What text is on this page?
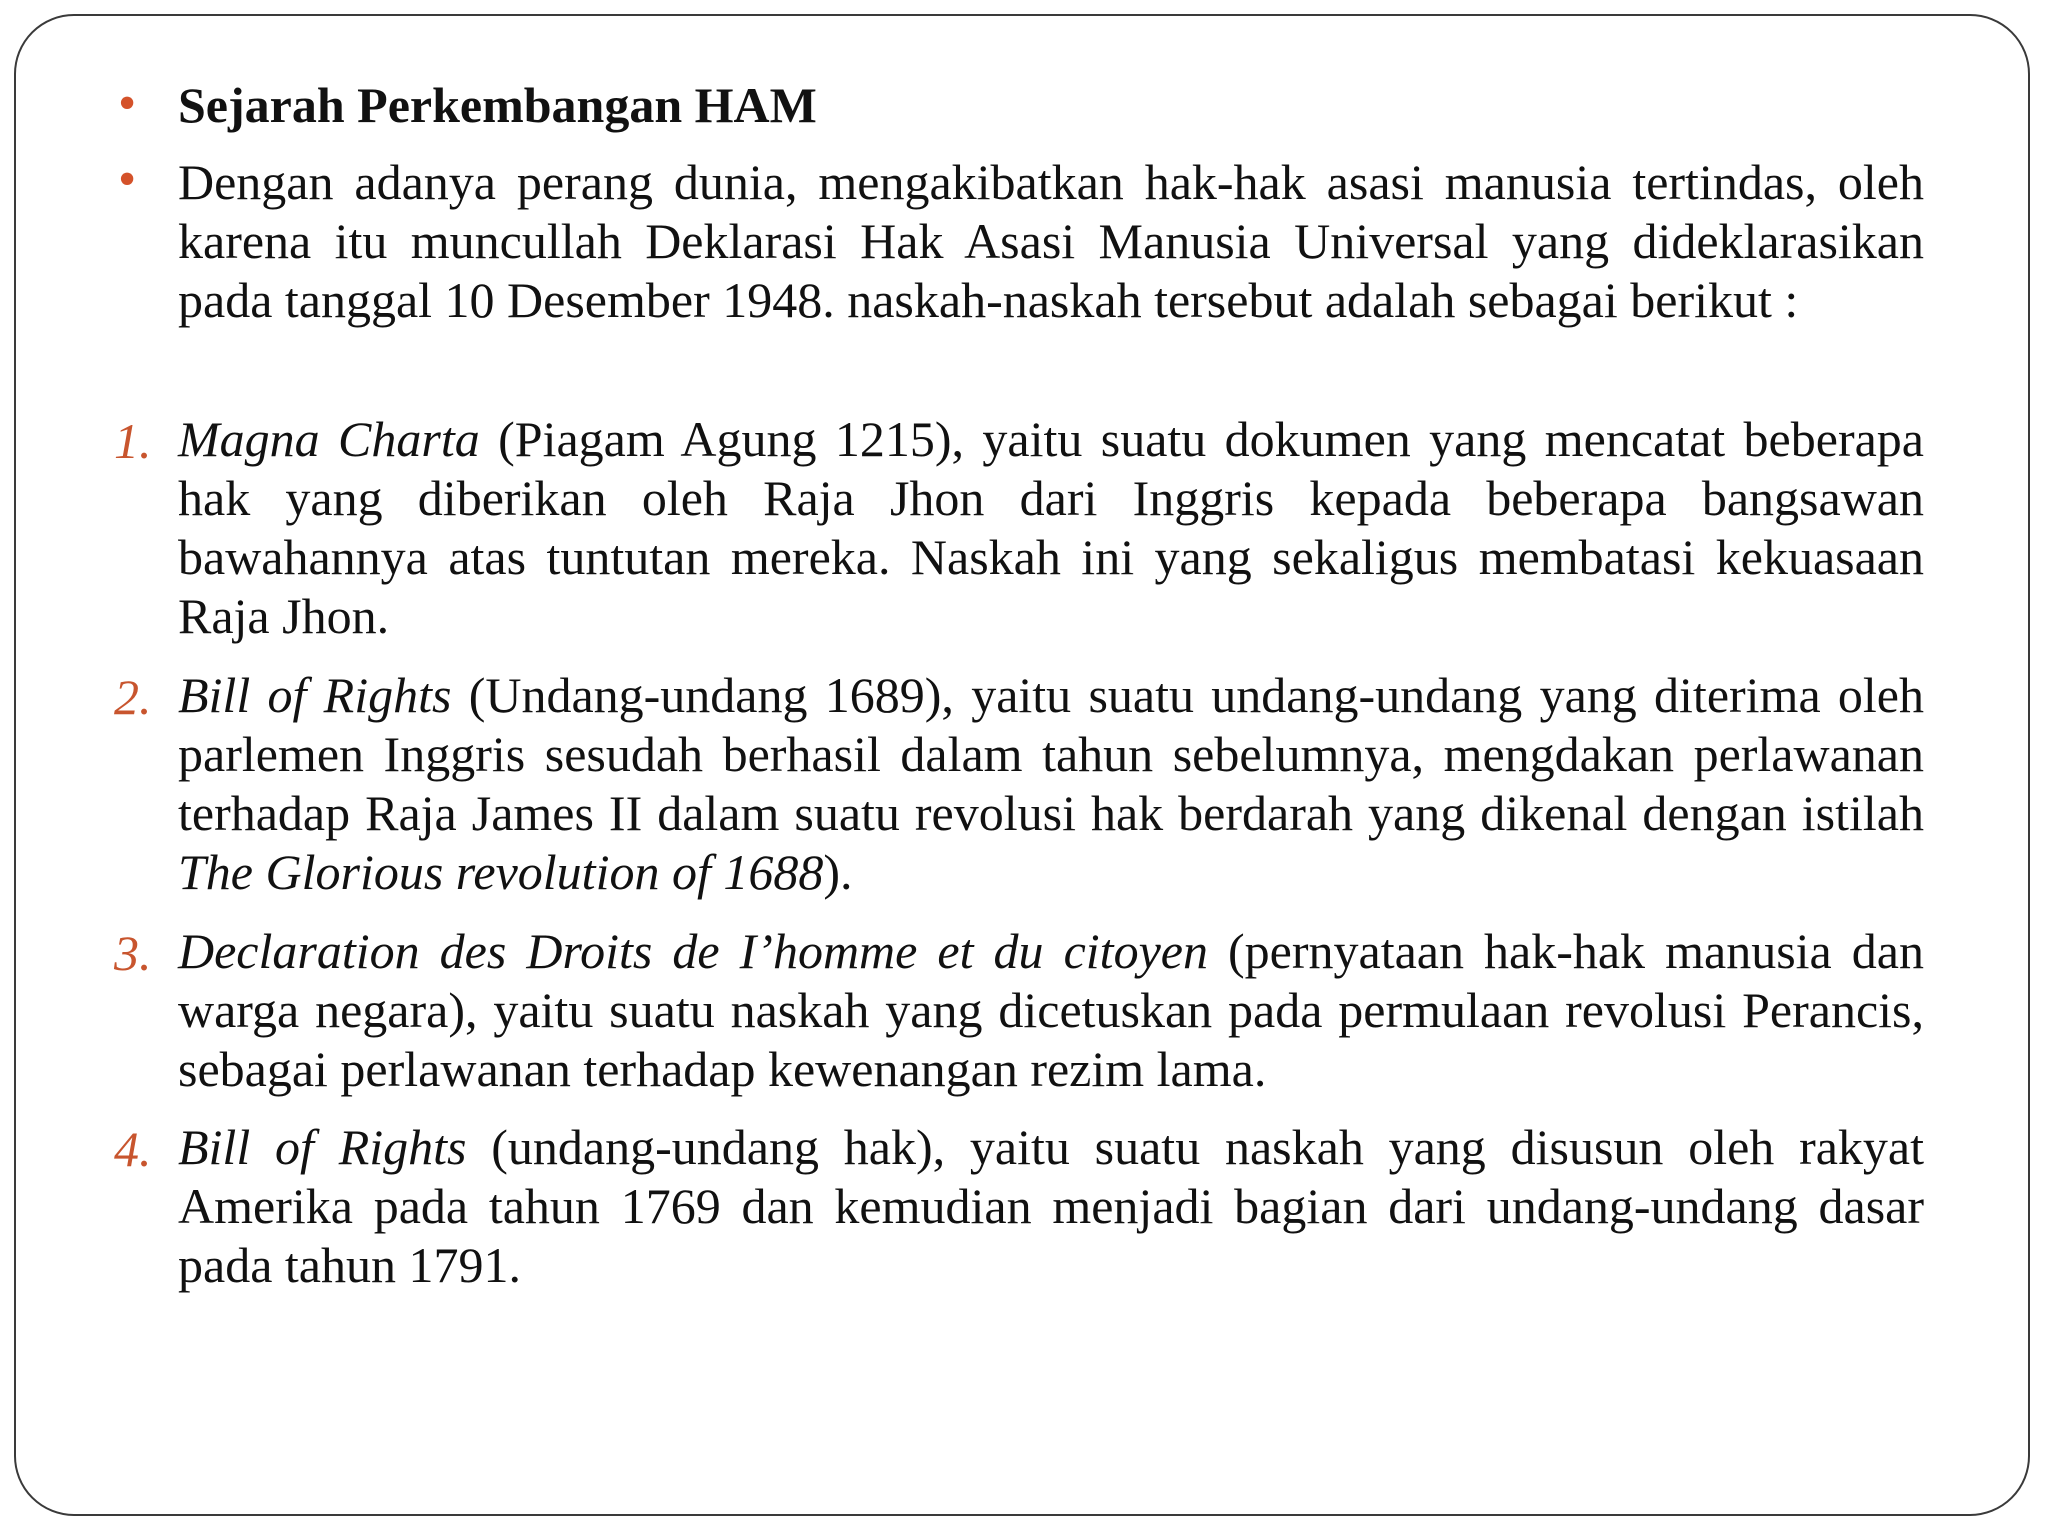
• Sejarah Perkembangan HAM
• Dengan adanya perang dunia, mengakibatkan hak-hak asasi manusia tertindas, oleh karena itu muncullah Deklarasi Hak Asasi Manusia Universal yang dideklarasikan pada tanggal 10 Desember 1948. naskah-naskah tersebut adalah sebagai berikut :
1. Magna Charta (Piagam Agung 1215), yaitu suatu dokumen yang mencatat beberapa hak yang diberikan oleh Raja Jhon dari Inggris kepada beberapa bangsawan bawahannya atas tuntutan mereka. Naskah ini yang sekaligus membatasi kekuasaan Raja Jhon.
2. Bill of Rights (Undang-undang 1689), yaitu suatu undang-undang yang diterima oleh parlemen Inggris sesudah berhasil dalam tahun sebelumnya, mengdakan perlawanan terhadap Raja James II dalam suatu revolusi hak berdarah yang dikenal dengan istilah The Glorious revolution of 1688).
3. Declaration des Droits de I’homme et du citoyen (pernyataan hak-hak manusia dan warga negara), yaitu suatu naskah yang dicetuskan pada permulaan revolusi Perancis, sebagai perlawanan terhadap kewenangan rezim lama.
4. Bill of Rights (undang-undang hak), yaitu suatu naskah yang disusun oleh rakyat Amerika pada tahun 1769 dan kemudian menjadi bagian dari undang-undang dasar pada tahun 1791.
